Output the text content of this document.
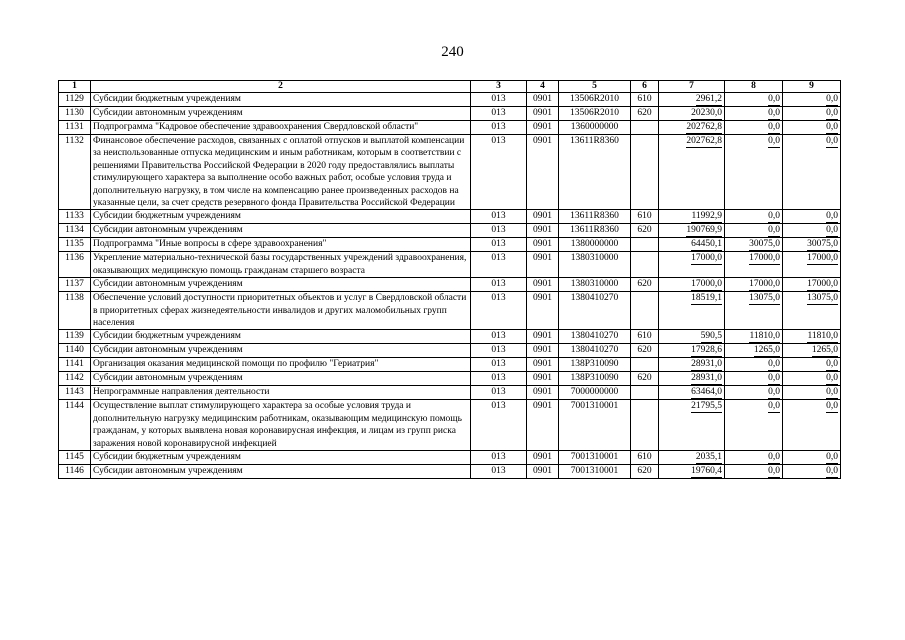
240
1	2	3	4	5	6	7	8	9
1129	Субсидии бюджетным учреждениям	013	0901	13506R2010	610	2961,2	0,0	0,0
1130	Субсидии автономным учреждениям	013	0901	13506R2010	620	20230,0	0,0	0,0
1131	Подпрограмма "Кадровое обеспечение здравоохранения Свердловской области"	013	0901	1360000000		202762,8	0,0	0,0
1132	Финансовое обеспечение расходов, связанных с оплатой отпусков и выплатой компенсации за неиспользованные отпуска медицинским и иным работникам, которым в соответствии с решениями Правительства Российской Федерации в 2020 году предоставлялись выплаты стимулирующего характера за выполнение особо важных работ, особые условия труда и дополнительную нагрузку, в том числе на компенсацию ранее произведенных расходов на указанные цели, за счет средств резервного фонда Правительства Российской Федерации	013	0901	13611R8360		202762,8	0,0	0,0
1133	Субсидии бюджетным учреждениям	013	0901	13611R8360	610	11992,9	0,0	0,0
1134	Субсидии автономным учреждениям	013	0901	13611R8360	620	190769,9	0,0	0,0
1135	Подпрограмма "Иные вопросы в сфере здравоохранения"	013	0901	1380000000		64450,1	30075,0	30075,0
1136	Укрепление материально-технической базы государственных учреждений здравоохранения, оказывающих медицинскую помощь гражданам старшего возраста	013	0901	1380310000		17000,0	17000,0	17000,0
1137	Субсидии автономным учреждениям	013	0901	1380310000	620	17000,0	17000,0	17000,0
1138	Обеспечение условий доступности приоритетных объектов и услуг в Свердловской области в приоритетных сферах жизнедеятельности инвалидов и других маломобильных групп населения	013	0901	1380410270		18519,1	13075,0	13075,0
1139	Субсидии бюджетным учреждениям	013	0901	1380410270	610	590,5	11810,0	11810,0
1140	Субсидии автономным учреждениям	013	0901	1380410270	620	17928,6	1265,0	1265,0
1141	Организация оказания медицинской помощи по профилю "Гериатрия"	013	0901	138P310090		28931,0	0,0	0,0
1142	Субсидии автономным учреждениям	013	0901	138P310090	620	28931,0	0,0	0,0
1143	Непрограммные направления деятельности	013	0901	7000000000		63464,0	0,0	0,0
1144	Осуществление выплат стимулирующего характера за особые условия труда и дополнительную нагрузку медицинским работникам, оказывающим медицинскую помощь гражданам, у которых выявлена новая коронавирусная инфекция, и лицам из групп риска заражения новой коронавирусной инфекцией	013	0901	7001310001		21795,5	0,0	0,0
1145	Субсидии бюджетным учреждениям	013	0901	7001310001	610	2035,1	0,0	0,0
1146	Субсидии автономным учреждениям	013	0901	7001310001	620	19760,4	0,0	0,0
